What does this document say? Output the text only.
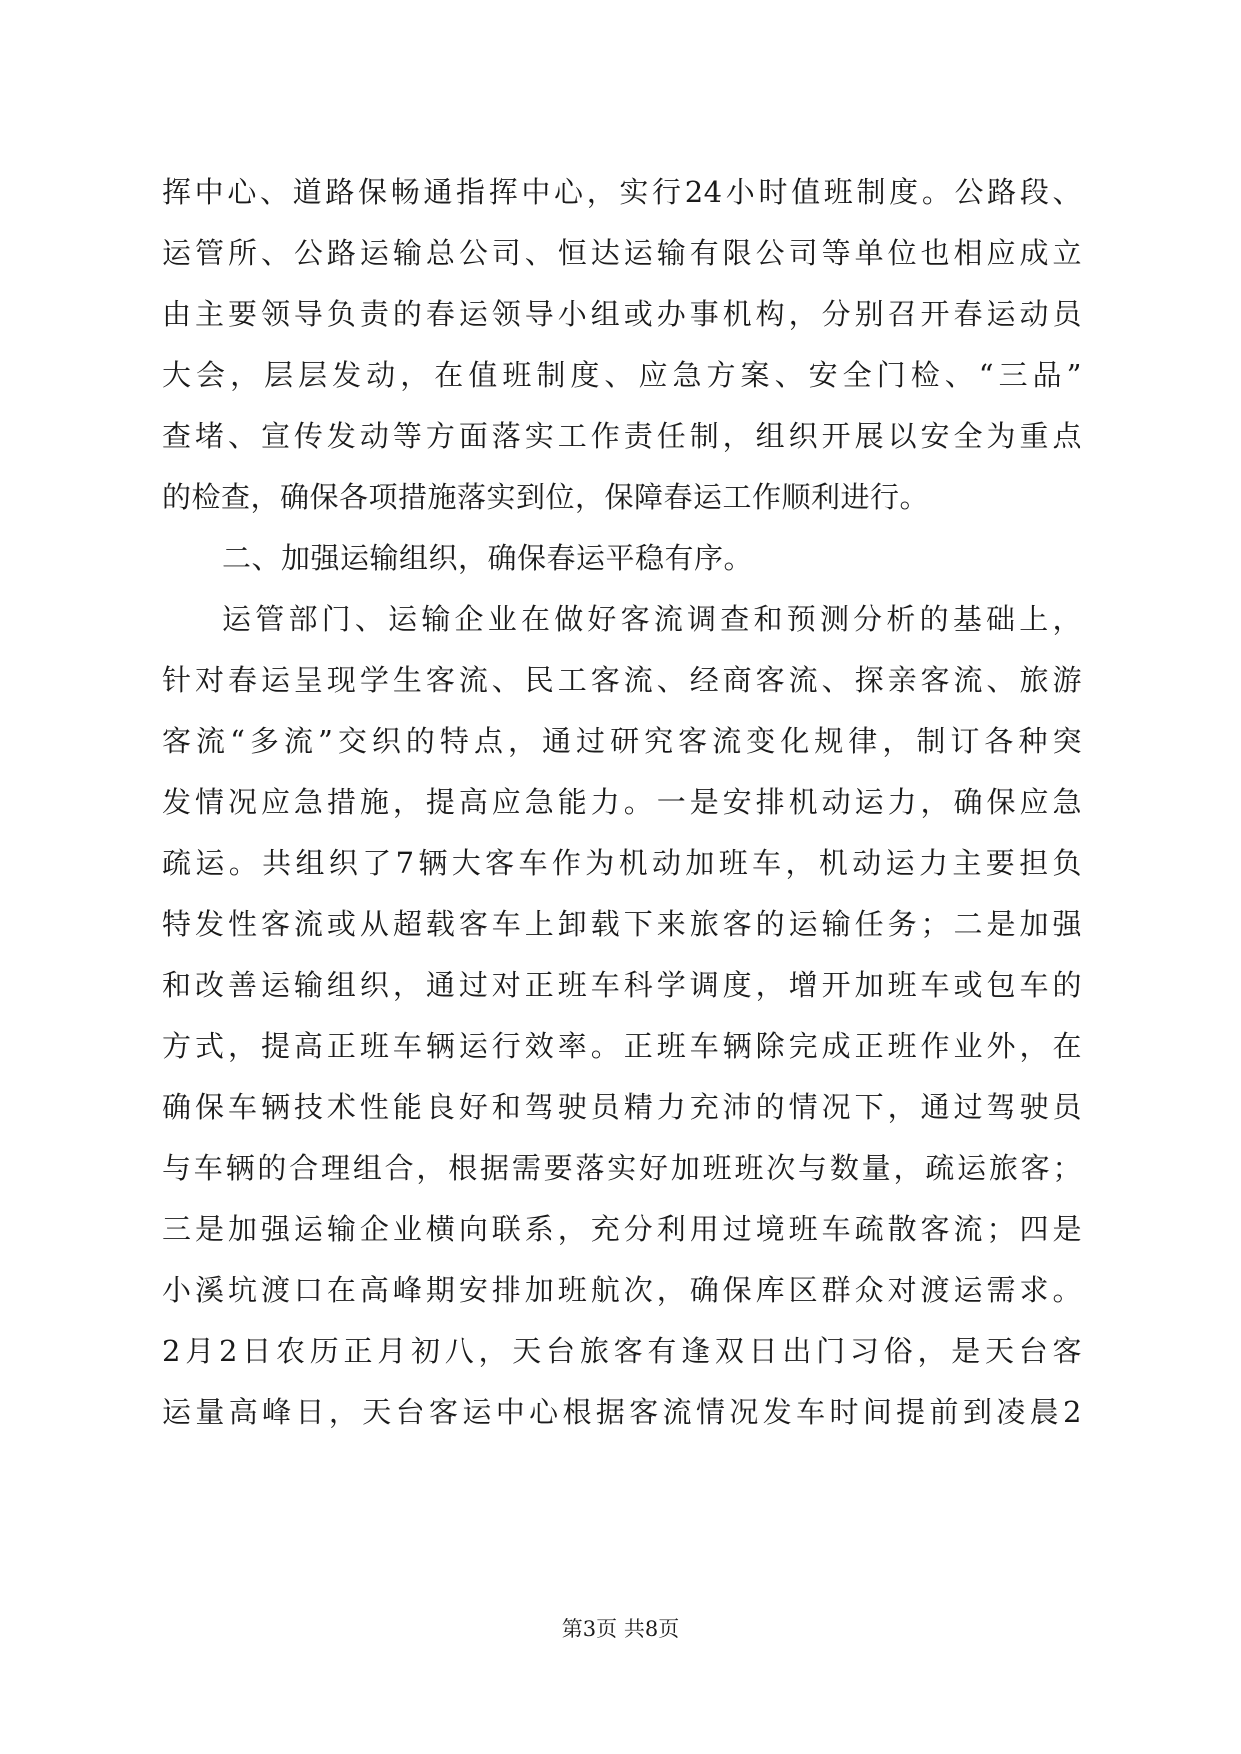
挥中心、道路保畅通指挥中心，实行24小时值班制度。公路段、
运管所、公路运输总公司、恒达运输有限公司等单位也相应成立
由主要领导负责的春运领导小组或办事机构，分别召开春运动员
大会，层层发动，在值班制度、应急方案、安全门检、“三品”
查堵、宣传发动等方面落实工作责任制，组织开展以安全为重点
的检查，确保各项措施落实到位，保障春运工作顺利进行。
二、加强运输组织，确保春运平稳有序。
运管部门、运输企业在做好客流调查和预测分析的基础上，
针对春运呈现学生客流、民工客流、经商客流、探亲客流、旅游
客流“多流”交织的特点，通过研究客流变化规律，制订各种突
发情况应急措施，提高应急能力。一是安排机动运力，确保应急
疏运。共组织了7辆大客车作为机动加班车，机动运力主要担负
特发性客流或从超载客车上卸载下来旅客的运输任务；二是加强
和改善运输组织，通过对正班车科学调度，增开加班车或包车的
方式，提高正班车辆运行效率。正班车辆除完成正班作业外，在
确保车辆技术性能良好和驾驶员精力充沛的情况下，通过驾驶员
与车辆的合理组合，根据需要落实好加班班次与数量，疏运旅客；
三是加强运输企业横向联系，充分利用过境班车疏散客流；四是
小溪坑渡口在高峰期安排加班航次，确保库区群众对渡运需求。
2月2日农历正月初八，天台旅客有逢双日出门习俗，是天台客
运量高峰日，天台客运中心根据客流情况发车时间提前到凌晨2
第3页 共8页
